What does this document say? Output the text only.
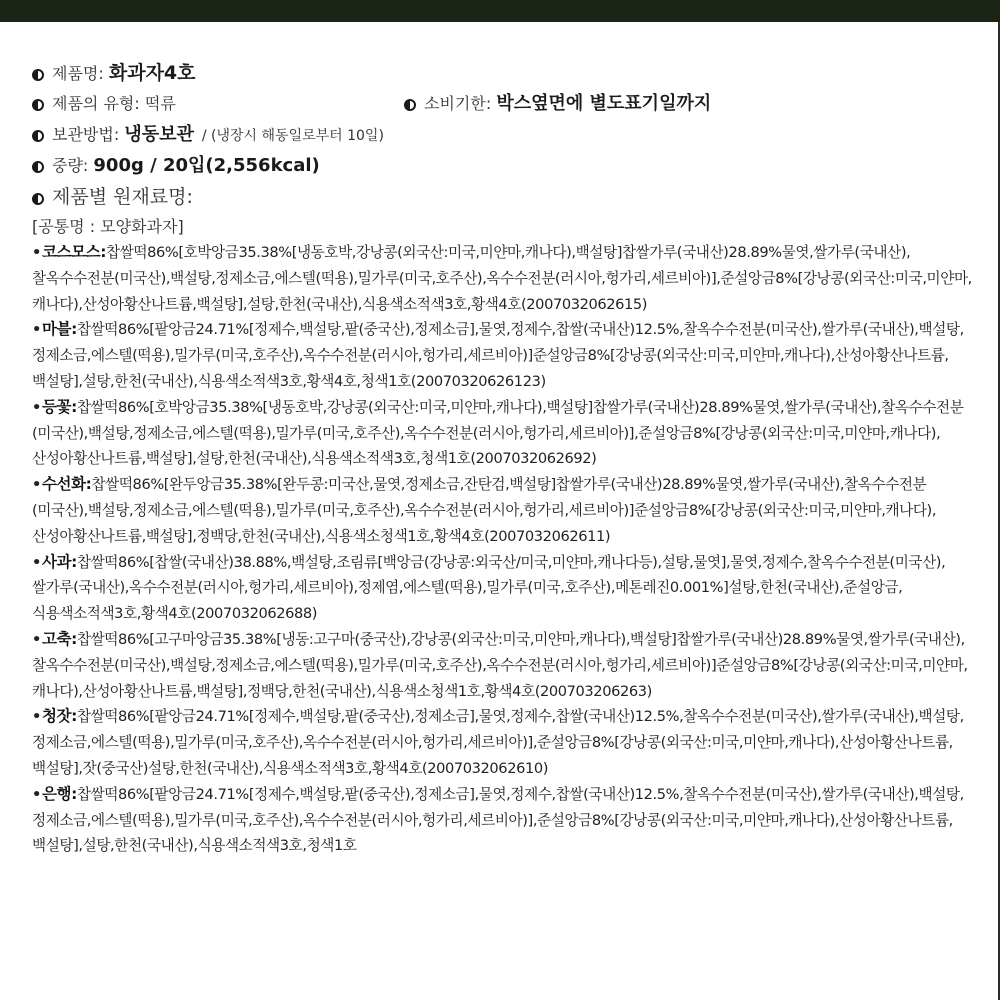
제품명: 화과자4호
제품의 유형: 떡류	소비기한: 박스옆면에 별도표기일까지
보관방법: 냉동보관 / (냉장시 해동일로부터 10일)
중량: 900g / 20입(2,556kcal)
제품별 원재료명:
[공통명 : 모양화과자]
•코스모스:찹쌀떡86%[호박앙금35.38%[냉동호박,강낭콩(외국산:미국,미얀마,캐나다),백설탕]찹쌀가루(국내산)28.89%물엿,쌀가루(국내산),찰옥수수전분(미국산),백설탕,정제소금,에스텔(떡용),밀가루(미국,호주산),옥수수전분(러시아,헝가리,세르비아)],준설앙금8%[강낭콩(외국산:미국,미얀마,캐나다),산성아황산나트륨,백설탕],설탕,한천(국내산),식용색소적색3호,황색4호(2007032062615)
•마블:찹쌀떡86%[팥앙금24.71%[정제수,백설탕,팥(중국산),정제소금],물엿,정제수,찹쌀(국내산)12.5%,찰옥수수전분(미국산),쌀가루(국내산),백설탕,정제소금,에스텔(떡용),밀가루(미국,호주산),옥수수전분(러시아,헝가리,세르비아)]준설앙금8%[강낭콩(외국산:미국,미얀마,캐나다),산성아황산나트륨,백설탕],설탕,한천(국내산),식용색소적색3호,황색4호,청색1호(20070320626123)
•등꽃:찹쌀떡86%[호박앙금35.38%[냉동호박,강낭콩(외국산:미국,미얀마,캐나다),백설탕]찹쌀가루(국내산)28.89%물엿,쌀가루(국내산),찰옥수수전분(미국산),백설탕,정제소금,에스텔(떡용),밀가루(미국,호주산),옥수수전분(러시아,헝가리,세르비아)],준설앙금8%[강낭콩(외국산:미국,미얀마,캐나다),산성아황산나트륨,백설탕],설탕,한천(국내산),식용색소적색3호,청색1호(2007032062692)
•수선화:찹쌀떡86%[완두앙금35.38%[완두콩:미국산,물엿,정제소금,잔탄검,백설탕]찹쌀가루(국내산)28.89%물엿,쌀가루(국내산),찰옥수수전분(미국산),백설탕,정제소금,에스텔(떡용),밀가루(미국,호주산),옥수수전분(러시아,헝가리,세르비아)]준설앙금8%[강낭콩(외국산:미국,미얀마,캐나다),산성아황산나트륨,백설탕],정백당,한천(국내산),식용색소청색1호,황색4호(2007032062611)
•사과:찹쌀떡86%[찹쌀(국내산)38.88%,백설탕,조림류[백앙금(강낭콩:외국산/미국,미얀마,캐나다등),설탕,물엿],물엿,정제수,찰옥수수전분(미국산),쌀가루(국내산),옥수수전분(러시아,헝가리,세르비아),정제염,에스텔(떡용),밀가루(미국,호주산),메톤레진0.001%]설탕,한천(국내산),준설앙금,식용색소적색3호,황색4호(2007032062688)
•고축:찹쌀떡86%[고구마앙금35.38%[냉동:고구마(중국산),강낭콩(외국산:미국,미얀마,캐나다),백설탕]찹쌀가루(국내산)28.89%물엿,쌀가루(국내산),찰옥수수전분(미국산),백설탕,정제소금,에스텔(떡용),밀가루(미국,호주산),옥수수전분(러시아,헝가리,세르비아)]준설앙금8%[강낭콩(외국산:미국,미얀마,캐나다),산성아황산나트륨,백설탕],정백당,한천(국내산),식용색소청색1호,황색4호(200703206263)
•청잣:찹쌀떡86%[팥앙금24.71%[정제수,백설탕,팥(중국산),정제소금],물엿,정제수,찹쌀(국내산)12.5%,찰옥수수전분(미국산),쌀가루(국내산),백설탕,정제소금,에스텔(떡용),밀가루(미국,호주산),옥수수전분(러시아,헝가리,세르비아)],준설앙금8%[강낭콩(외국산:미국,미얀마,캐나다),산성아황산나트륨,백설탕],잣(중국산)설탕,한천(국내산),식용색소적색3호,황색4호(2007032062610)
•은행:찹쌀떡86%[팥앙금24.71%[정제수,백설탕,팥(중국산),정제소금],물엿,정제수,찹쌀(국내산)12.5%,찰옥수수전분(미국산),쌀가루(국내산),백설탕,정제소금,에스텔(떡용),밀가루(미국,호주산),옥수수전분(러시아,헝가리,세르비아)],준설앙금8%[강낭콩(외국산:미국,미얀마,캐나다),산성아황산나트륨,백설탕],설탕,한천(국내산),식용색소적색3호,청색1호
